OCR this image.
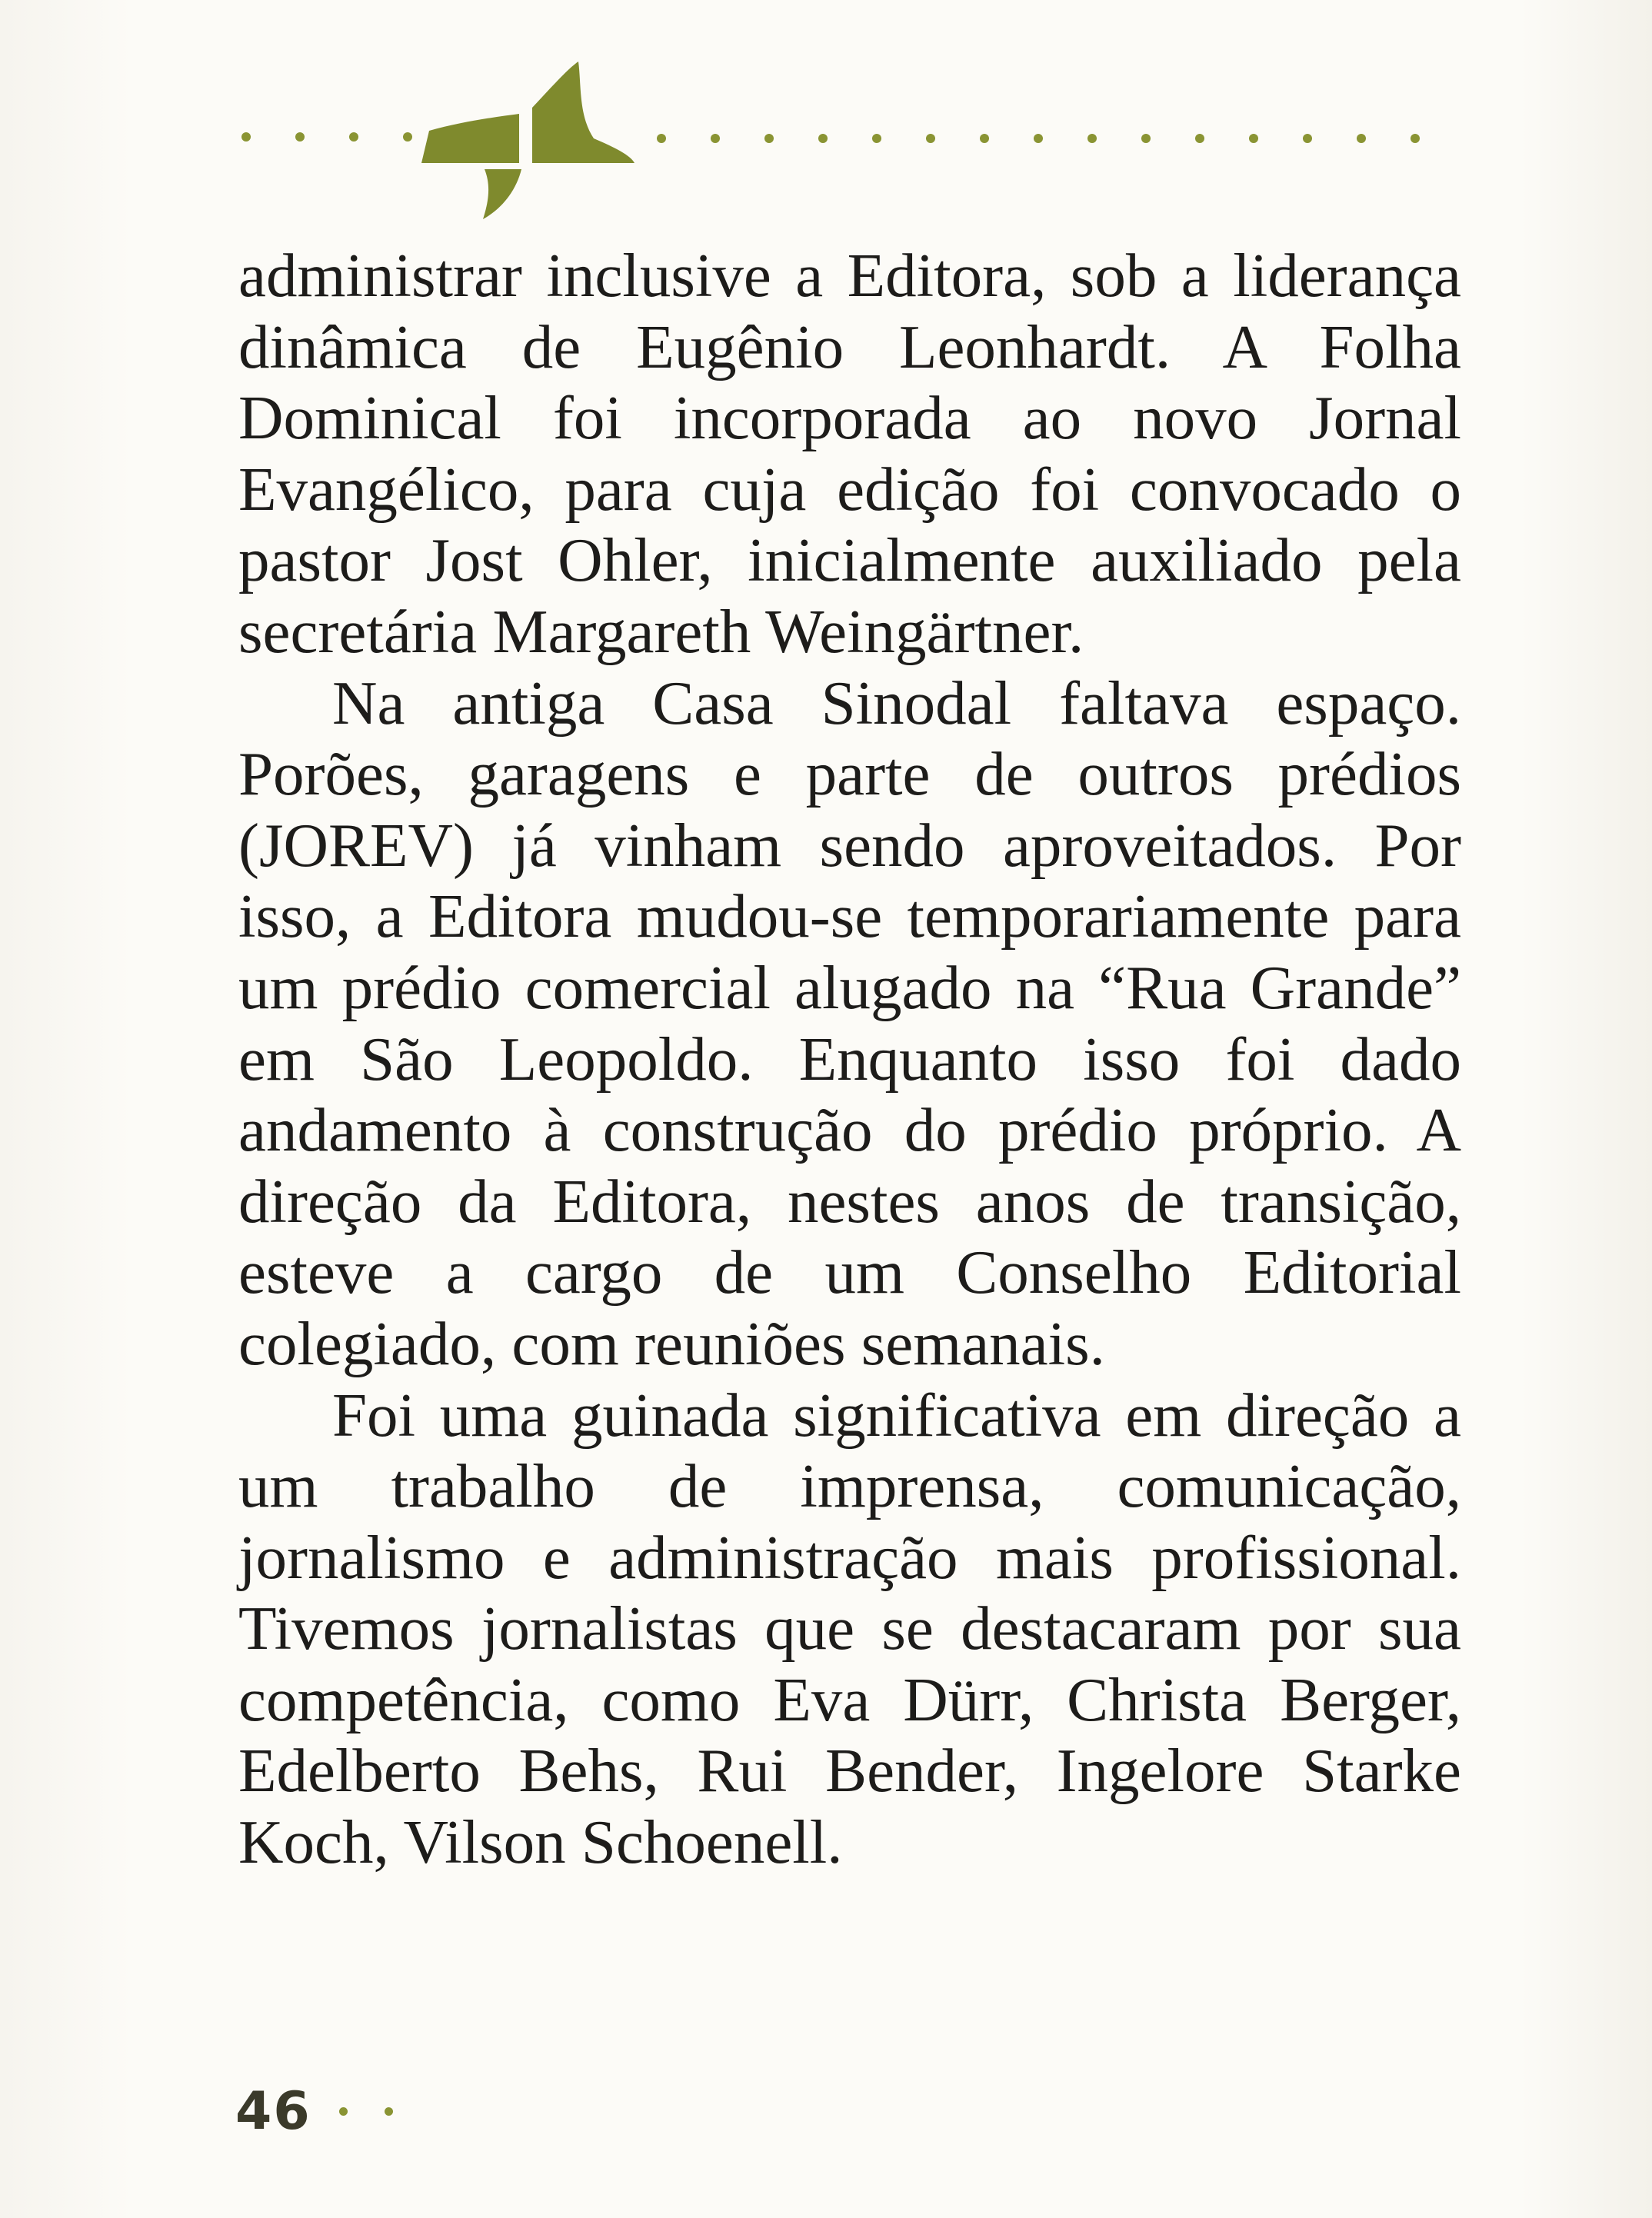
administrar inclusive a Editora, sob a liderança dinâmica de Eugênio Leonhardt. A Folha Dominical foi incorporada ao novo Jornal Evangélico, para cuja edição foi convocado o pastor Jost Ohler, inicialmente auxiliado pela secretária Margareth Weingärtner.

Na antiga Casa Sinodal faltava espaço. Porões, garagens e parte de outros prédios (JOREV) já vinham sendo aproveitados. Por isso, a Editora mudou-se temporariamente para um prédio comercial alugado na “Rua Grande” em São Leopoldo. Enquanto isso foi dado andamento à construção do prédio próprio. A direção da Editora, nestes anos de transição, esteve a cargo de um Conselho Editorial colegiado, com reuniões semanais.

Foi uma guinada significativa em direção a um trabalho de imprensa, comunicação, jornalismo e administração mais profissional. Tivemos jornalistas que se destacaram por sua competência, como Eva Dürr, Christa Berger, Edelberto Behs, Rui Bender, Ingelore Starke Koch, Vilson Schoenell.

46
